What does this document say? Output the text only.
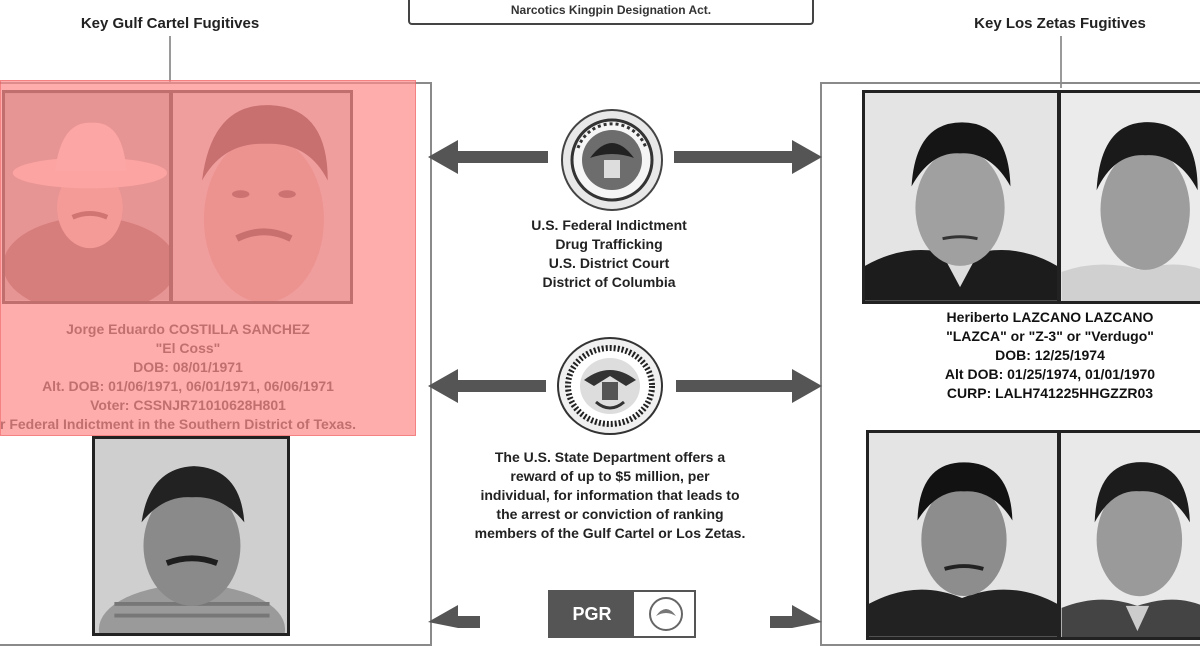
Key Gulf Cartel Fugitives	Key Los Zetas Fugitives
Narcotics Kingpin Designation Act.
U.S. Federal Indictment
Drug Trafficking
U.S. District Court
District of Columbia
The U.S. State Department offers a
reward of up to $5 million, per
individual, for information that leads to
the arrest or conviction of ranking
members of the Gulf Cartel or Los Zetas.
PGR
Heriberto LAZCANO LAZCANO
"LAZCA" or "Z-3" or "Verdugo"
DOB: 12/25/1974
Alt DOB: 01/25/1974, 01/01/1970
CURP: LALH741225HHGZZR03
